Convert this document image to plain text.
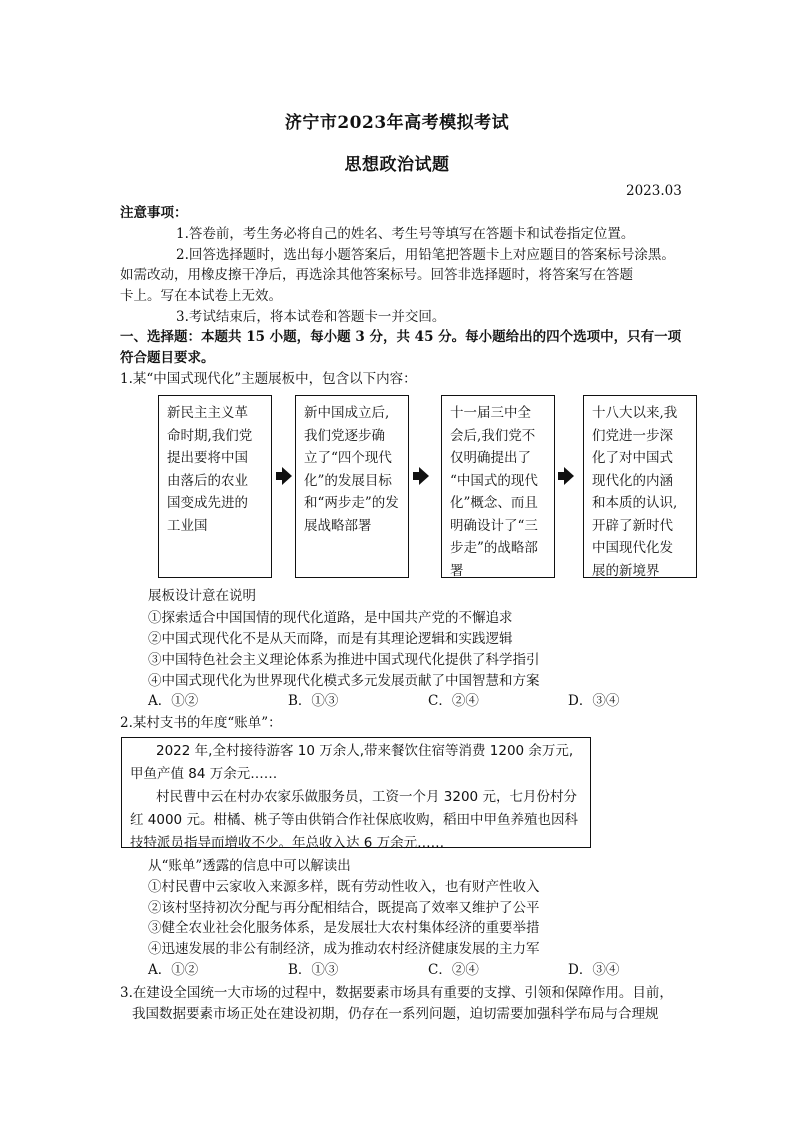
济宁市2023年高考模拟考试
思想政治试题
2023.03
注意事项：
1.答卷前，考生务必将自己的姓名、考生号等填写在答题卡和试卷指定位置。
2.回答选择题时，选出每小题答案后，用铅笔把答题卡上对应题目的答案标号涂黑。
如需改动，用橡皮擦干净后，再选涂其他答案标号。回答非选择题时，将答案写在答题
卡上。写在本试卷上无效。
3.考试结束后，将本试卷和答题卡一并交回。
一、选择题：本题共 15 小题，每小题 3 分，共 45 分。每小题给出的四个选项中，只有一项
符合题目要求。
1.某“中国式现代化”主题展板中，包含以下内容：
新民主主义革
命时期,我们党
提出要将中国
由落后的农业
国变成先进的
工业国
新中国成立后,
我们党逐步确
立了“四个现代
化”的发展目标
和“两步走”的发
展战略部署
十一届三中全
会后,我们党不
仅明确提出了
“中国式的现代
化”概念、而且
明确设计了“三
步走”的战略部
署
十八大以来,我
们党进一步深
化了对中国式
现代化的内涵
和本质的认识,
开辟了新时代
中国现代化发
展的新境界
展板设计意在说明
①探索适合中国国情的现代化道路，是中国共产党的不懈追求
②中国式现代化不是从天而降，而是有其理论逻辑和实践逻辑
③中国特色社会主义理论体系为推进中国式现代化提供了科学指引
④中国式现代化为世界现代化模式多元发展贡献了中国智慧和方案
A．①②	B．①③	C．②④	D．③④
2.某村支书的年度“账单”：
2022 年,全村接待游客 10 万余人,带来餐饮住宿等消费 1200 余万元,
甲鱼产值 84 万余元……
村民曹中云在村办农家乐做服务员，工资一个月 3200 元，七月份村分
红 4000 元。柑橘、桃子等由供销合作社保底收购，稻田中甲鱼养殖也因科
技特派员指导而增收不少。年总收入达 6 万余元……
从“账单”透露的信息中可以解读出
①村民曹中云家收入来源多样，既有劳动性收入，也有财产性收入
②该村坚持初次分配与再分配相结合，既提高了效率又维护了公平
③健全农业社会化服务体系，是发展壮大农村集体经济的重要举措
④迅速发展的非公有制经济，成为推动农村经济健康发展的主力军
A．①②	B．①③	C．②④	D．③④
3.在建设全国统一大市场的过程中，数据要素市场具有重要的支撑、引领和保障作用。目前，
我国数据要素市场正处在建设初期，仍存在一系列问题，迫切需要加强科学布局与合理规
